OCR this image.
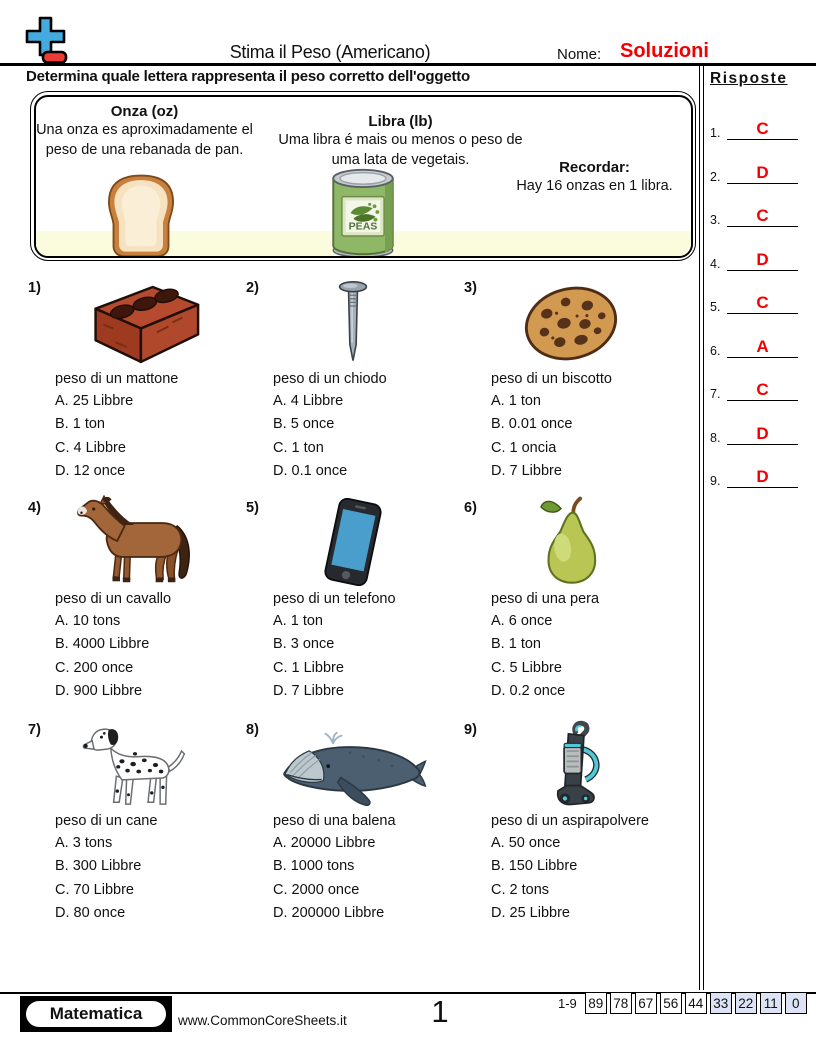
Stima il Peso (Americano)	Nome: Soluzioni
Determina quale lettera rappresenta il peso corretto dell'oggetto	Risposte
1.	C
2.	D
3.	C
4.	D
5.	C
6.	A
7.	C
8.	D
9.	D
Onza (oz)
Una onza es aproximadamente el peso de una rebanada de pan.
Libra (lb)
Uma libra é mais ou menos o peso de uma lata de vegetais.	Recordar:
Hay 16 onzas en 1 libra.
PEAS
1)
peso di un mattone
A. 25 Libbre
B. 1 ton
C. 4 Libbre
D. 12 once
2)
peso di un chiodo
A. 4 Libbre
B. 5 once
C. 1 ton
D. 0.1 once
3)
peso di un biscotto
A. 1 ton
B. 0.01 once
C. 1 oncia
D. 7 Libbre
4)
peso di un cavallo
A. 10 tons
B. 4000 Libbre
C. 200 once
D. 900 Libbre
5)
peso di un telefono
A. 1 ton
B. 3 once
C. 1 Libbre
D. 7 Libbre
6)
peso di una pera
A. 6 once
B. 1 ton
C. 5 Libbre
D. 0.2 once
7)
peso di un cane
A. 3 tons
B. 300 Libbre
C. 70 Libbre
D. 80 once
8)
peso di una balena
A. 20000 Libbre
B. 1000 tons
C. 2000 once
D. 200000 Libbre
9)
peso di un aspirapolvere
A. 50 once
B. 150 Libbre
C. 2 tons
D. 25 Libbre
Matematica	www.CommonCoreSheets.it	1	1-9 89 78 67 56 44 33 22 11	0
